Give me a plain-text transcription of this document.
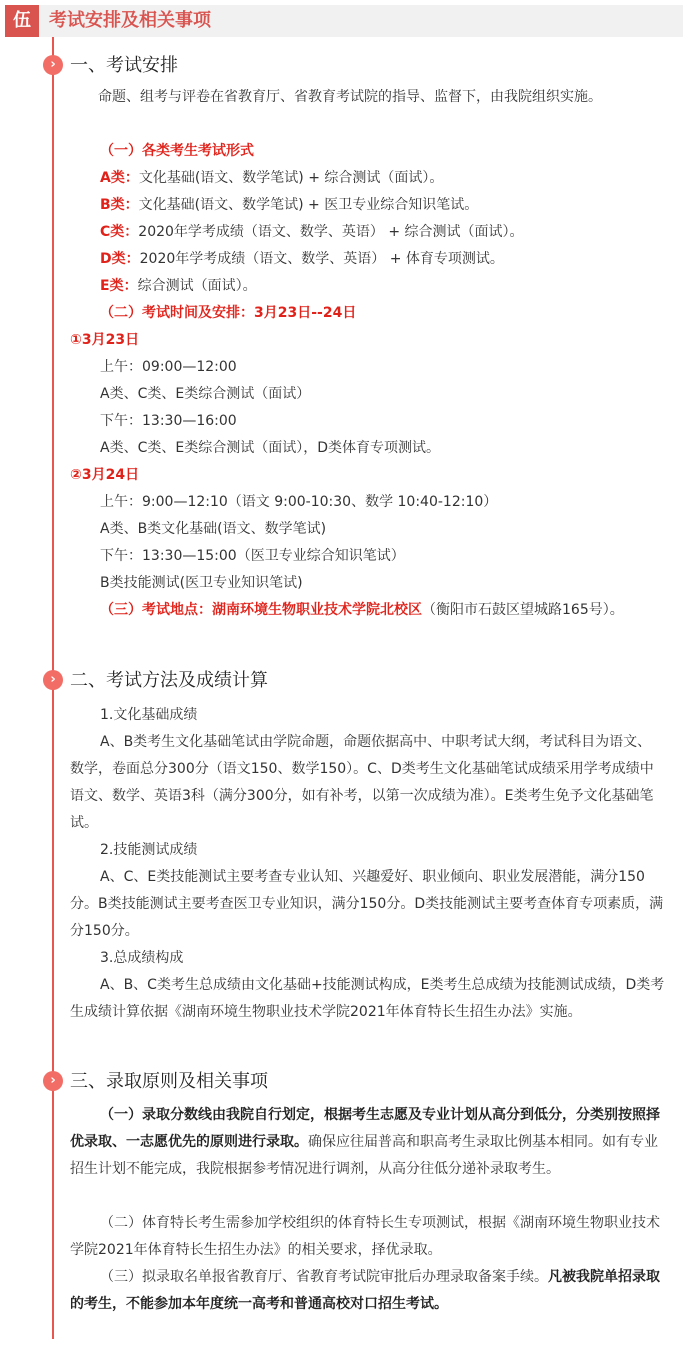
伍	考试安排及相关事项
› 一、考试安排
命题、组考与评卷在省教育厅、省教育考试院的指导、监督下，由我院组织实施。
（一）各类考生考试形式
A类：文化基础(语文、数学笔试) + 综合测试（面试）。
B类：文化基础(语文、数学笔试) + 医卫专业综合知识笔试。
C类：2020年学考成绩（语文、数学、英语） + 综合测试（面试）。
D类：2020年学考成绩（语文、数学、英语） + 体育专项测试。
E类：综合测试（面试）。
（二）考试时间及安排：3月23日--24日
①3月23日
上午：09:00—12:00
A类、C类、E类综合测试（面试）
下午：13:30—16:00
A类、C类、E类综合测试（面试），D类体育专项测试。
②3月24日
上午：9:00—12:10（语文 9:00-10:30、数学 10:40-12:10）
A类、B类文化基础(语文、数学笔试)
下午：13:30—15:00（医卫专业综合知识笔试）
B类技能测试(医卫专业知识笔试)
（三）考试地点：湖南环境生物职业技术学院北校区（衡阳市石鼓区望城路165号）。
› 二、考试方法及成绩计算
1.文化基础成绩
A、B类考生文化基础笔试由学院命题，命题依据高中、中职考试大纲，考试科目为语文、数学，卷面总分300分（语文150、数学150）。C、D类考生文化基础笔试成绩采用学考成绩中语文、数学、英语3科（满分300分，如有补考，以第一次成绩为准）。E类考生免予文化基础笔试。
2.技能测试成绩
A、C、E类技能测试主要考查专业认知、兴趣爱好、职业倾向、职业发展潜能，满分150分。B类技能测试主要考查医卫专业知识，满分150分。D类技能测试主要考查体育专项素质，满分150分。
3.总成绩构成
A、B、C类考生总成绩由文化基础+技能测试构成，E类考生总成绩为技能测试成绩，D类考生成绩计算依据《湖南环境生物职业技术学院2021年体育特长生招生办法》实施。
› 三、录取原则及相关事项
（一）录取分数线由我院自行划定，根据考生志愿及专业计划从高分到低分，分类别按照择优录取、一志愿优先的原则进行录取。确保应往届普高和职高考生录取比例基本相同。如有专业招生计划不能完成，我院根据参考情况进行调剂，从高分往低分递补录取考生。
（二）体育特长考生需参加学校组织的体育特长生专项测试，根据《湖南环境生物职业技术学院2021年体育特长生招生办法》的相关要求，择优录取。
（三）拟录取名单报省教育厅、省教育考试院审批后办理录取备案手续。凡被我院单招录取的考生，不能参加本年度统一高考和普通高校对口招生考试。
